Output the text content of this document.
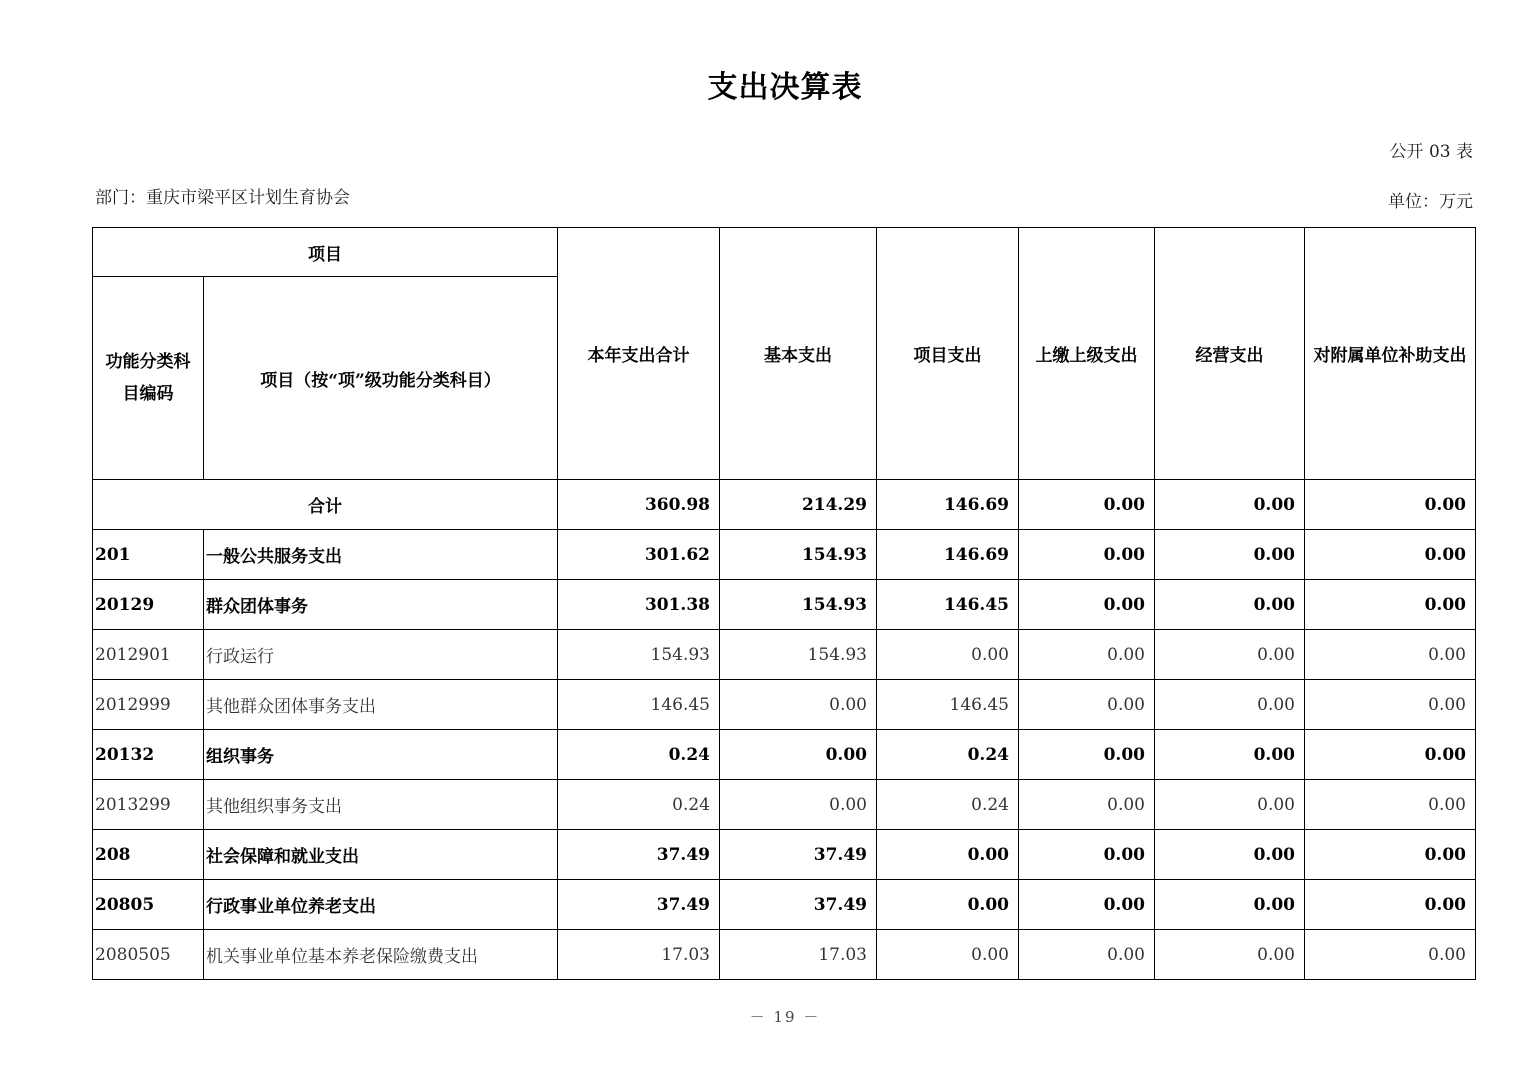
支出决算表
公开 03 表
部门：重庆市梁平区计划生育协会	单位：万元
项目		本年支出合计	基本支出	项目支出	上缴上级支出	经营支出	对附属单位补助支出
功能分类科目编码	项目（按“项”级功能分类科目）						
合计		360.98	214.29	146.69	0.00	0.00	0.00
201	一般公共服务支出	301.62	154.93	146.69	0.00	0.00	0.00
20129	群众团体事务	301.38	154.93	146.45	0.00	0.00	0.00
2012901	行政运行	154.93	154.93	0.00	0.00	0.00	0.00
2012999	其他群众团体事务支出	146.45	0.00	146.45	0.00	0.00	0.00
20132	组织事务	0.24	0.00	0.24	0.00	0.00	0.00
2013299	其他组织事务支出	0.24	0.00	0.24	0.00	0.00	0.00
208	社会保障和就业支出	37.49	37.49	0.00	0.00	0.00	0.00
20805	行政事业单位养老支出	37.49	37.49	0.00	0.00	0.00	0.00
2080505	机关事业单位基本养老保险缴费支出	17.03	17.03	0.00	0.00	0.00	0.00
－ 19 －
